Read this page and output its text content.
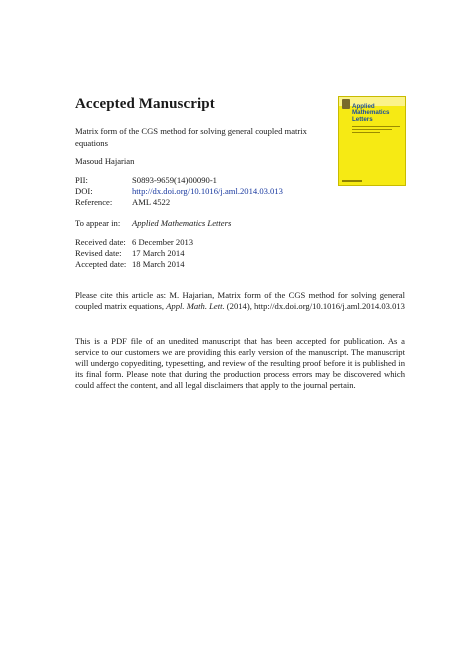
Accepted Manuscript
Matrix form of the CGS method for solving general coupled matrix equations
Masoud Hajarian
PII:	S0893-9659(14)00090-1
DOI:	http://dx.doi.org/10.1016/j.aml.2014.03.013
Reference: AML 4522
To appear in: Applied Mathematics Letters
Received date: 6 December 2013
Revised date: 17 March 2014
Accepted date: 18 March 2014
Please cite this article as: M. Hajarian, Matrix form of the CGS method for solving general coupled matrix equations, Appl. Math. Lett. (2014), http://dx.doi.org/10.1016/j.aml.2014.03.013
This is a PDF file of an unedited manuscript that has been accepted for publication. As a service to our customers we are providing this early version of the manuscript. The manuscript will undergo copyediting, typesetting, and review of the resulting proof before it is published in its final form. Please note that during the production process errors may be discovered which could affect the content, and all legal disclaimers that apply to the journal pertain.
Applied
Mathematics
Letters
